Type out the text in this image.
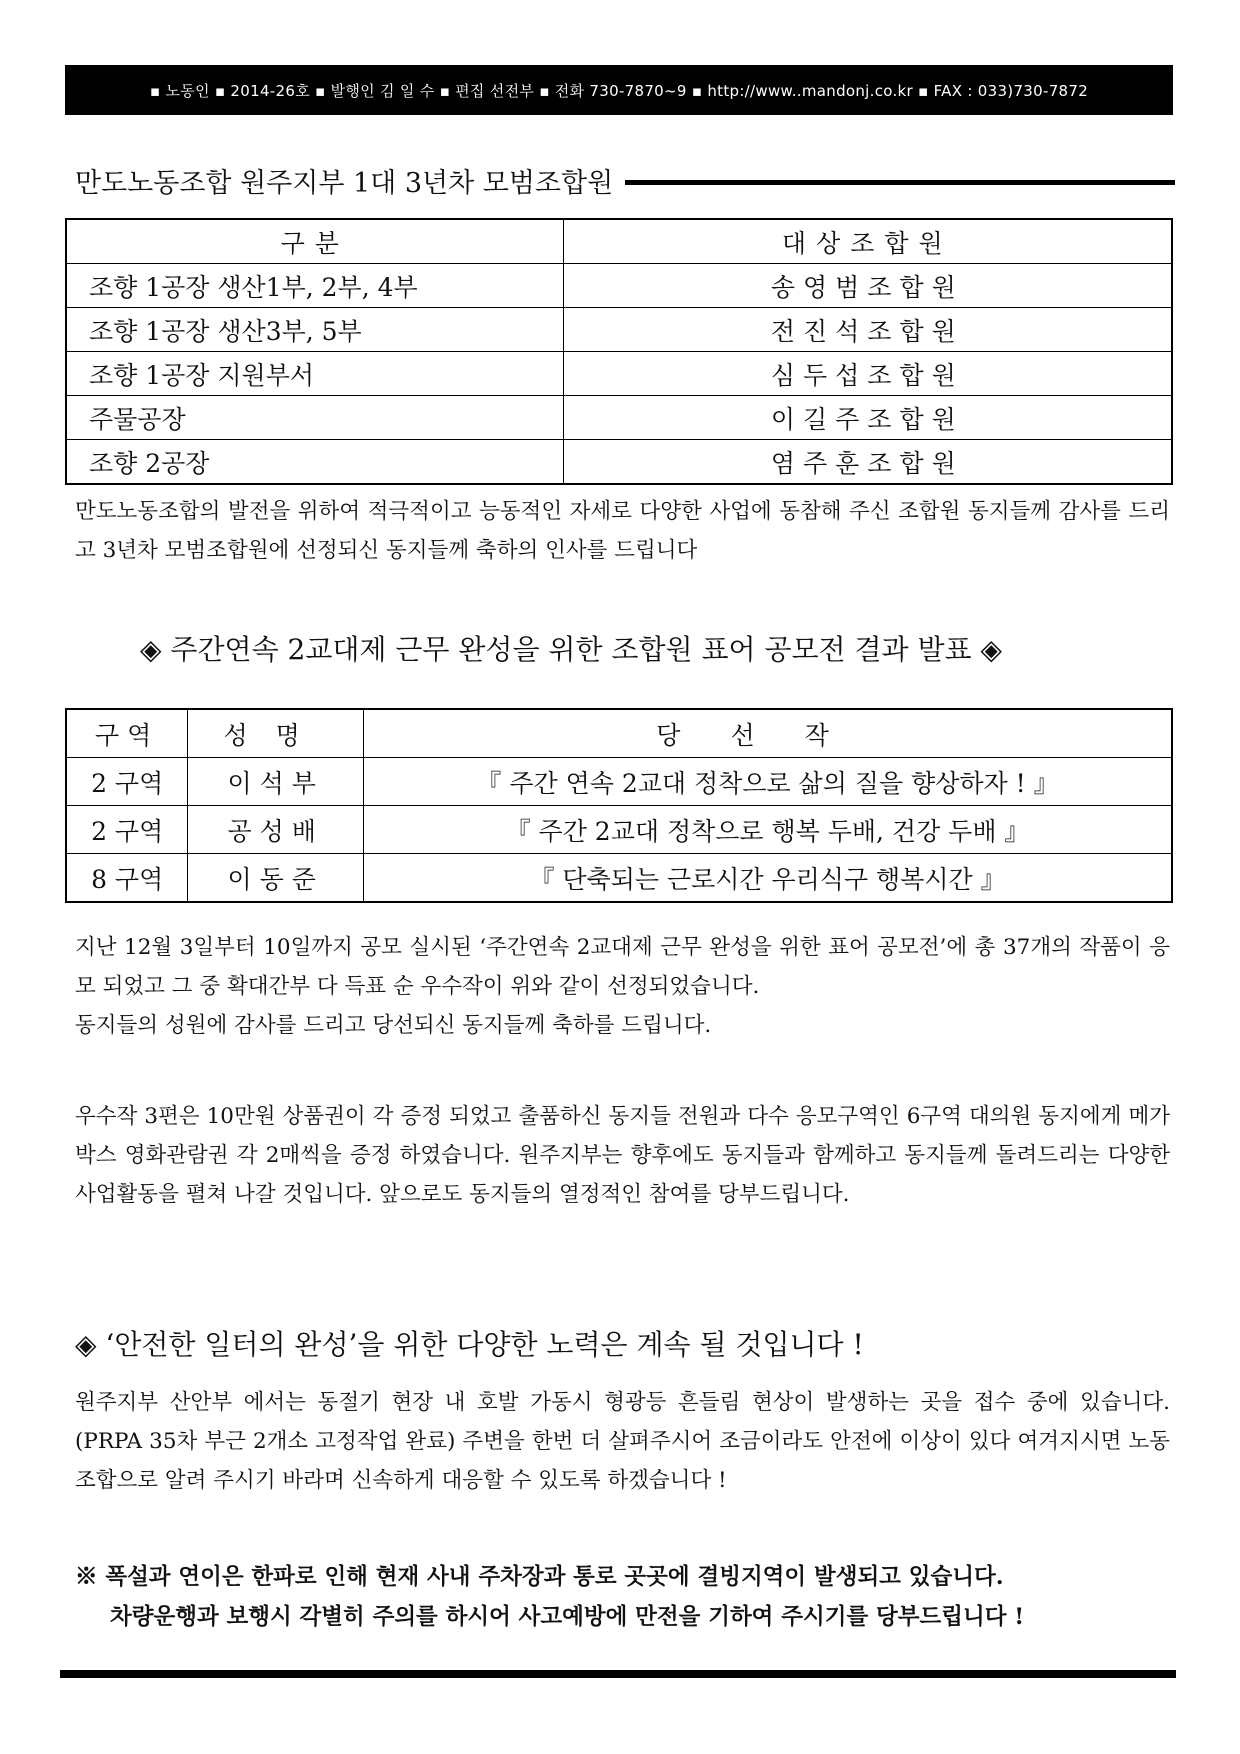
▪ 노동인 ▪ 2014-26호 ▪ 발행인 김 일 수 ▪ 편집 선전부 ▪ 전화 730-7870~9 ▪ http://www..mandonj.co.kr ▪ FAX : 033)730-7872
만도노동조합 원주지부 1대 3년차 모범조합원
구분	대상조합원
조향 1공장 생산1부, 2부, 4부	송영범조합원
조향 1공장 생산3부, 5부	전진석조합원
조향 1공장 지원부서	심두섭조합원
주물공장	이길주조합원
조향 2공장	염주훈조합원
만도노동조합의 발전을 위하여 적극적이고 능동적인 자세로 다양한 사업에 동참해 주신 조합원 동지들께 감사를 드리고 3년차 모범조합원에 선정되신 동지들께 축하의 인사를 드립니다
◈ 주간연속 2교대제 근무 완성을 위한 조합원 표어 공모전 결과 발표 ◈
구역	성명	당선작
2 구역	이석부	『 주간 연속 2교대 정착으로 삶의 질을 향상하자 ! 』
2 구역	공성배	『 주간 2교대 정착으로 행복 두배, 건강 두배 』
8 구역	이동준	『 단축되는 근로시간 우리식구 행복시간 』
지난 12월 3일부터 10일까지 공모 실시된 ‘주간연속 2교대제 근무 완성을 위한 표어 공모전’에 총 37개의 작품이 응모 되었고 그 중 확대간부 다 득표 순 우수작이 위와 같이 선정되었습니다.
동지들의 성원에 감사를 드리고 당선되신 동지들께 축하를 드립니다.
우수작 3편은 10만원 상품권이 각 증정 되었고 출품하신 동지들 전원과 다수 응모구역인 6구역 대의원 동지에게 메가박스 영화관람권 각 2매씩을 증정 하였습니다. 원주지부는 향후에도 동지들과 함께하고 동지들께 돌려드리는 다양한 사업활동을 펼쳐 나갈 것입니다. 앞으로도 동지들의 열정적인 참여를 당부드립니다.
◈ ‘안전한 일터의 완성’을 위한 다양한 노력은 계속 될 것입니다 !
원주지부 산안부 에서는 동절기 현장 내 호발 가동시 형광등 흔들림 현상이 발생하는 곳을 접수 중에 있습니다. (PRPA 35차 부근 2개소 고정작업 완료) 주변을 한번 더 살펴주시어 조금이라도 안전에 이상이 있다 여겨지시면 노동조합으로 알려 주시기 바라며 신속하게 대응할 수 있도록 하겠습니다 !
※ 폭설과 연이은 한파로 인해 현재 사내 주차장과 통로 곳곳에 결빙지역이 발생되고 있습니다.
차량운행과 보행시 각별히 주의를 하시어 사고예방에 만전을 기하여 주시기를 당부드립니다 !
